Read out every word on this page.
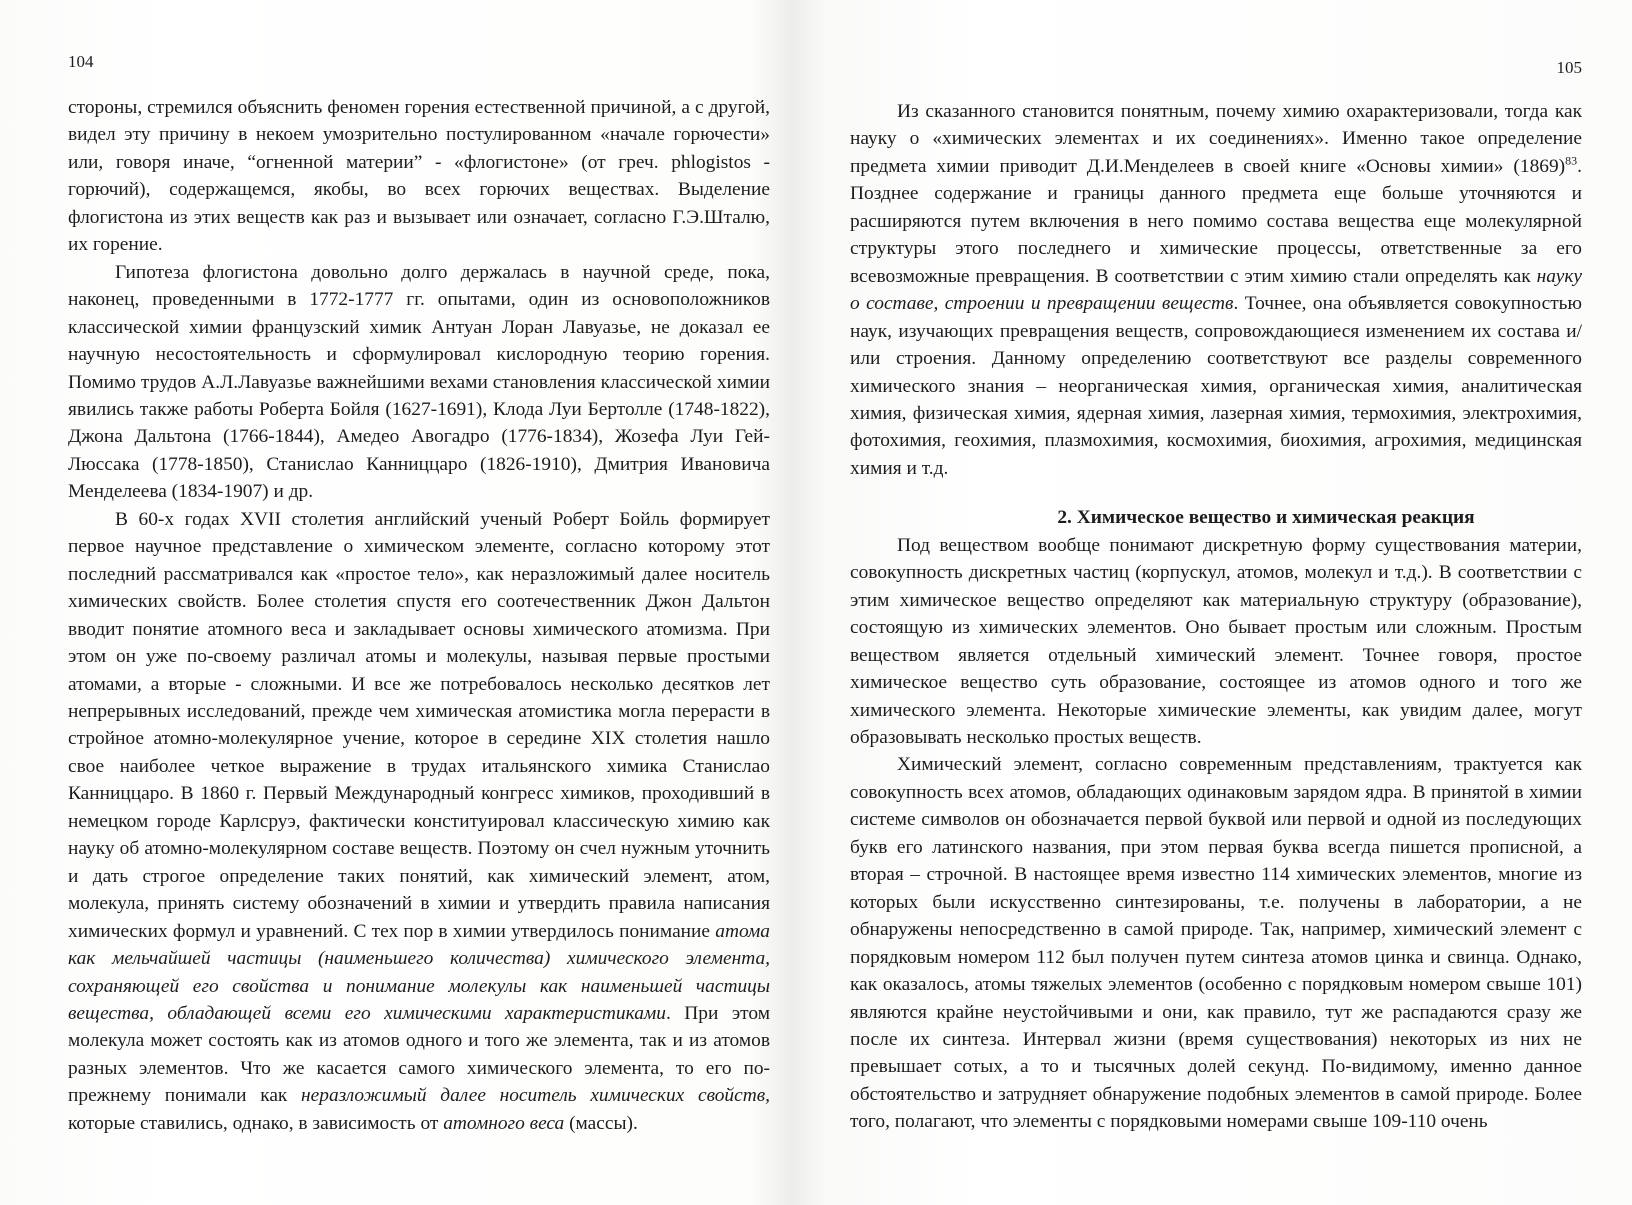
104

стороны, стремился объяснить феномен горения естественной причиной, а с другой, видел эту причину в некоем умозрительно постулированном «начале горючести» или, говоря иначе, “огненной материи” - «флогистоне» (от греч. phlogistos - горючий), содержащемся, якобы, во всех горючих веществах. Выделение флогистона из этих веществ как раз и вызывает или означает, согласно Г.Э.Шталю, их горение.

Гипотеза флогистона довольно долго держалась в научной среде, пока, наконец, проведенными в 1772-1777 гг. опытами, один из основоположников классической химии французский химик Антуан Лоран Лавуазье, не доказал ее научную несостоятельность и сформулировал кислородную теорию горения. Помимо трудов А.Л.Лавуазье важнейшими вехами становления классической химии явились также работы Роберта Бойля (1627-1691), Клода Луи Бертолле (1748-1822), Джона Дальтона (1766-1844), Амедео Авогадро (1776-1834), Жозефа Луи Гей-Люссака (1778-1850), Станислао Канниццаро (1826-1910), Дмитрия Ивановича Менделеева (1834-1907) и др.

В 60-х годах XVII столетия английский ученый Роберт Бойль формирует первое научное представление о химическом элементе, согласно которому этот последний рассматривался как «простое тело», как неразложимый далее носитель химических свойств. Более столетия спустя его соотечественник Джон Дальтон вводит понятие атомного веса и закладывает основы химического атомизма. При этом он уже по-своему различал атомы и молекулы, называя первые простыми атомами, а вторые - сложными. И все же потребовалось несколько десятков лет непрерывных исследований, прежде чем химическая атомистика могла перерасти в стройное атомно-молекулярное учение, которое в середине XIX столетия нашло свое наиболее четкое выражение в трудах итальянского химика Станислао Канниццаро. В 1860 г. Первый Международный конгресс химиков, проходивший в немецком городе Карлсруэ, фактически конституировал классическую химию как науку об атомно-молекулярном составе веществ. Поэтому он счел нужным уточнить и дать строгое определение таких понятий, как химический элемент, атом, молекула, принять систему обозначений в химии и утвердить правила написания химических формул и уравнений. С тех пор в химии утвердилось понимание атома как мельчайшей частицы (наименьшего количества) химического элемента, сохраняющей его свойства и понимание молекулы как наименьшей частицы вещества, обладающей всеми его химическими характеристиками. При этом молекула может состоять как из атомов одного и того же элемента, так и из атомов разных элементов. Что же касается самого химического элемента, то его по-прежнему понимали как неразложимый далее носитель химических свойств, которые ставились, однако, в зависимость от атомного веса (массы).

105

Из сказанного становится понятным, почему химию охарактеризовали, тогда как науку о «химических элементах и их соединениях». Именно такое определение предмета химии приводит Д.И.Менделеев в своей книге «Основы химии» $(1869)^{83}$. Позднее содержание и границы данного предмета еще больше уточняются и расширяются путем включения в него помимо состава вещества еще молекулярной структуры этого последнего и химические процессы, ответственные за его всевозможные превращения. В соответствии с этим химию стали определять как науку о составе, строении и превращении веществ. Точнее, она объявляется совокупностью наук, изучающих превращения веществ, сопровождающиеся изменением их состава и/или строения. Данному определению соответствуют все разделы современного химического знания – неорганическая химия, органическая химия, аналитическая химия, физическая химия, ядерная химия, лазерная химия, термохимия, электрохимия, фотохимия, геохимия, плазмохимия, космохимия, биохимия, агрохимия, медицинская химия и т.д.

2. Химическое вещество и химическая реакция

Под веществом вообще понимают дискретную форму существования материи, совокупность дискретных частиц (корпускул, атомов, молекул и т.д.). В соответствии с этим химическое вещество определяют как материальную структуру (образование), состоящую из химических элементов. Оно бывает простым или сложным. Простым веществом является отдельный химический элемент. Точнее говоря, простое химическое вещество суть образование, состоящее из атомов одного и того же химического элемента. Некоторые химические элементы, как увидим далее, могут образовывать несколько простых веществ.

Химический элемент, согласно современным представлениям, трактуется как совокупность всех атомов, обладающих одинаковым зарядом ядра. В принятой в химии системе символов он обозначается первой буквой или первой и одной из последующих букв его латинского названия, при этом первая буква всегда пишется прописной, а вторая – строчной. В настоящее время известно 114 химических элементов, многие из которых были искусственно синтезированы, т.е. получены в лаборатории, а не обнаружены непосредственно в самой природе. Так, например, химический элемент с порядковым номером 112 был получен путем синтеза атомов цинка и свинца. Однако, как оказалось, атомы тяжелых элементов (особенно с порядковым номером свыше 101) являются крайне неустойчивыми и они, как правило, тут же распадаются сразу же после их синтеза. Интервал жизни (время существования) некоторых из них не превышает сотых, а то и тысячных долей секунд. По-видимому, именно данное обстоятельство и затрудняет обнаружение подобных элементов в самой природе. Более того, полагают, что элементы с порядковыми номерами свыше 109-110 очень
